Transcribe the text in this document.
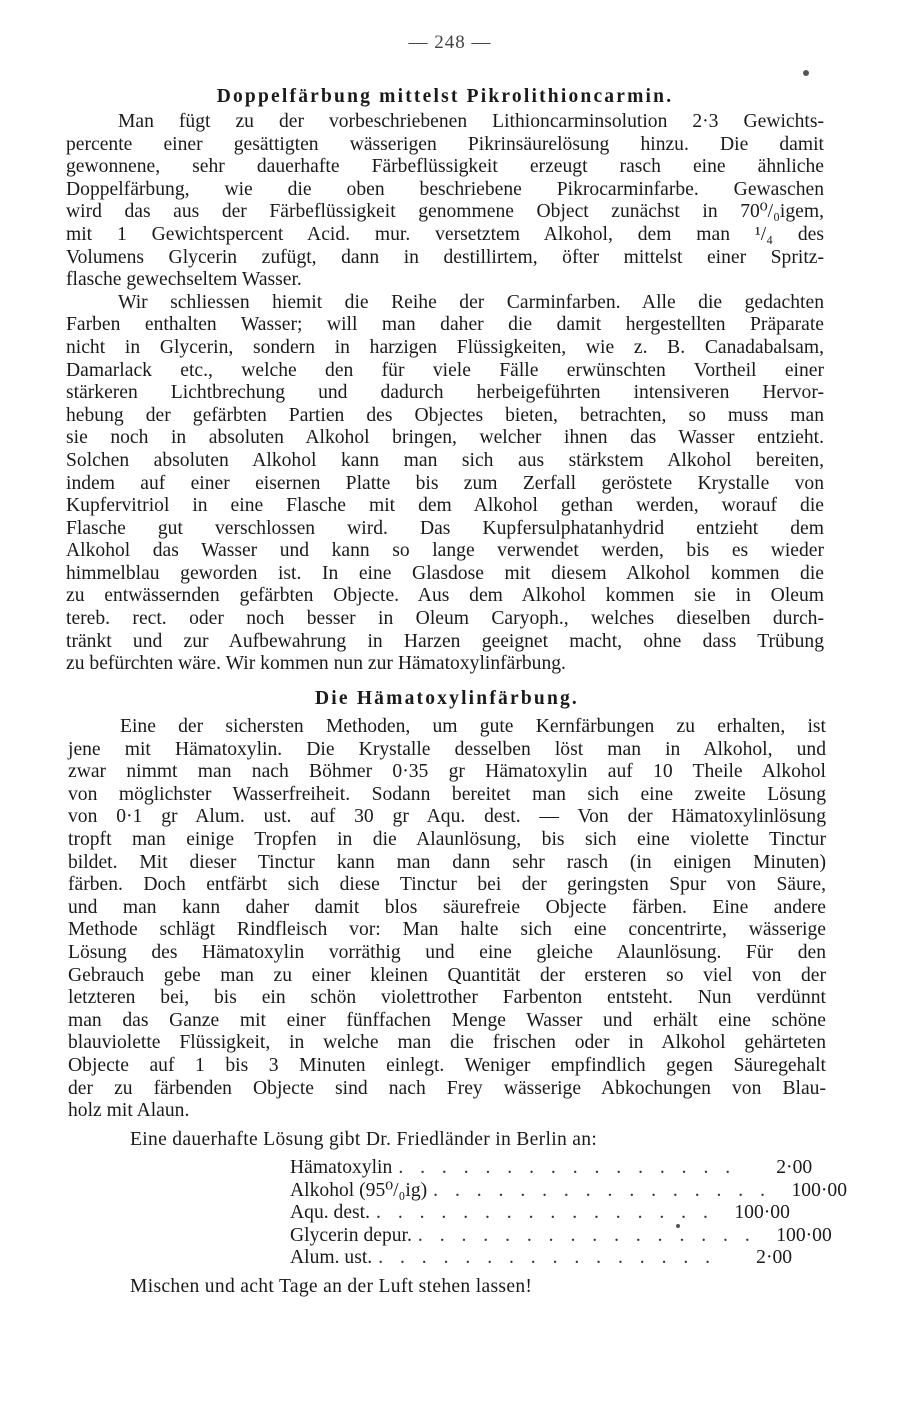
— 248 —
Doppelfärbung mittelst Pikrolithioncarmin.
Man fügt zu der vorbeschriebenen Lithioncarminsolution 2·3 Gewichts-
percente einer gesättigten wässerigen Pikrinsäurelösung hinzu. Die damit
gewonnene, sehr dauerhafte Färbeflüssigkeit erzeugt rasch eine ähnliche
Doppelfärbung, wie die oben beschriebene Pikrocarminfarbe. Gewaschen
wird das aus der Färbeflüssigkeit genommene Object zunächst in 70⁰/₀igem,
mit 1 Gewichtspercent Acid. mur. versetztem Alkohol, dem man ¹/₄ des
Volumens Glycerin zufügt, dann in destillirtem, öfter mittelst einer Spritz-
flasche gewechseltem Wasser.
Wir schliessen hiemit die Reihe der Carminfarben. Alle die gedachten
Farben enthalten Wasser; will man daher die damit hergestellten Präparate
nicht in Glycerin, sondern in harzigen Flüssigkeiten, wie z. B. Canadabalsam,
Damarlack etc., welche den für viele Fälle erwünschten Vortheil einer
stärkeren Lichtbrechung und dadurch herbeigeführten intensiveren Hervor-
hebung der gefärbten Partien des Objectes bieten, betrachten, so muss man
sie noch in absoluten Alkohol bringen, welcher ihnen das Wasser entzieht.
Solchen absoluten Alkohol kann man sich aus stärkstem Alkohol bereiten,
indem auf einer eisernen Platte bis zum Zerfall geröstete Krystalle von
Kupfervitriol in eine Flasche mit dem Alkohol gethan werden, worauf die
Flasche gut verschlossen wird. Das Kupfersulphatanhydrid entzieht dem
Alkohol das Wasser und kann so lange verwendet werden, bis es wieder
himmelblau geworden ist. In eine Glasdose mit diesem Alkohol kommen die
zu entwässernden gefärbten Objecte. Aus dem Alkohol kommen sie in Oleum
tereb. rect. oder noch besser in Oleum Caryoph., welches dieselben durch-
tränkt und zur Aufbewahrung in Harzen geeignet macht, ohne dass Trübung
zu befürchten wäre. Wir kommen nun zur Hämatoxylinfärbung.
Die Hämatoxylinfärbung.
Eine der sichersten Methoden, um gute Kernfärbungen zu erhalten, ist
jene mit Hämatoxylin. Die Krystalle desselben löst man in Alkohol, und
zwar nimmt man nach Böhmer 0·35 gr Hämatoxylin auf 10 Theile Alkohol
von möglichster Wasserfreiheit. Sodann bereitet man sich eine zweite Lösung
von 0·1 gr Alum. ust. auf 30 gr Aqu. dest. — Von der Hämatoxylinlösung
tropft man einige Tropfen in die Alaunlösung, bis sich eine violette Tinctur
bildet. Mit dieser Tinctur kann man dann sehr rasch (in einigen Minuten)
färben. Doch entfärbt sich diese Tinctur bei der geringsten Spur von Säure,
und man kann daher damit blos säurefreie Objecte färben. Eine andere
Methode schlägt Rindfleisch vor: Man halte sich eine concentrirte, wässerige
Lösung des Hämatoxylin vorräthig und eine gleiche Alaunlösung. Für den
Gebrauch gebe man zu einer kleinen Quantität der ersteren so viel von der
letzteren bei, bis ein schön violettrother Farbenton entsteht. Nun verdünnt
man das Ganze mit einer fünffachen Menge Wasser und erhält eine schöne
blauviolette Flüssigkeit, in welche man die frischen oder in Alkohol gehärteten
Objecte auf 1 bis 3 Minuten einlegt. Weniger empfindlich gegen Säuregehalt
der zu färbenden Objecte sind nach Frey wässerige Abkochungen von Blau-
holz mit Alaun.
Eine dauerhafte Lösung gibt Dr. Friedländer in Berlin an:
Hämatoxylin . . . . . . . . . . . . . . . .	2·00
Alkohol (95⁰/₀ig) . . . . . . . . . . . . . . . .	100·00
Aqu. dest. . . . . . . . . . . . . . . . .	100·00
Glycerin depur. . . . . . . . . . . . . . . . .	100·00
Alum. ust. . . . . . . . . . . . . . . . .	2·00
Mischen und acht Tage an der Luft stehen lassen!
